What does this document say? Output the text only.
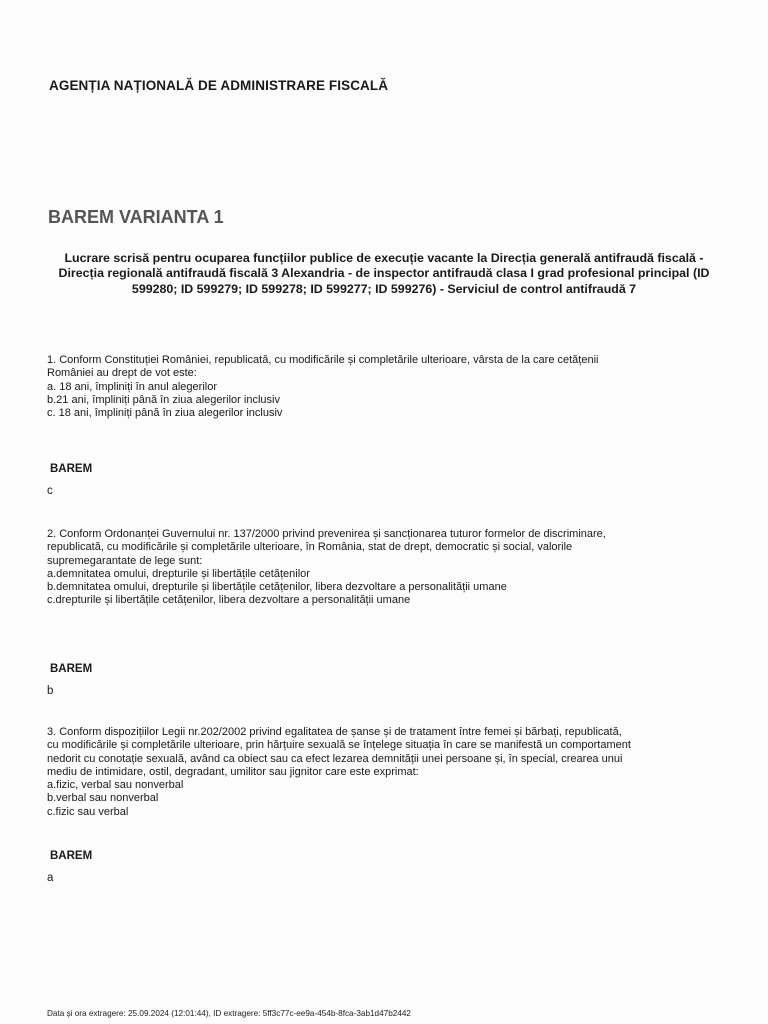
AGENȚIA NAȚIONALĂ DE ADMINISTRARE FISCALĂ
BAREM VARIANTA 1
Lucrare scrisă pentru ocuparea funcțiilor publice de execuție vacante la Direcția generală antifraudă fiscală - Direcția regională antifraudă fiscală 3 Alexandria - de inspector antifraudă clasa I grad profesional principal (ID 599280; ID 599279; ID 599278; ID 599277; ID 599276) - Serviciul de control antifraudă 7
1. Conform Constituției României, republicată, cu modificările și completările ulterioare, vârsta de la care cetățenii
României au drept de vot este:
a. 18 ani, împliniți în anul alegerilor
b.21 ani, împliniți până în ziua alegerilor inclusiv
c. 18 ani, împliniți până în ziua alegerilor inclusiv
BAREM
c
2. Conform Ordonanței Guvernului nr. 137/2000 privind prevenirea și sancționarea tuturor formelor de discriminare,
republicată, cu modificările și completările ulterioare, în România, stat de drept, democratic și social, valorile
supremegarantate de lege sunt:
a.demnitatea omului, drepturile și libertățile cetățenilor
b.demnitatea omului, drepturile și libertățile cetățenilor, libera dezvoltare a personalității umane
c.drepturile și libertățile cetățenilor, libera dezvoltare a personalității umane
BAREM
b
3. Conform dispozițiilor Legii nr.202/2002 privind egalitatea de șanse și de tratament între femei și bărbați, republicată,
cu modificările și completările ulterioare, prin hărțuire sexuală se înțelege situația în care se manifestă un comportament
nedorit cu conotație sexuală, având ca obiect sau ca efect lezarea demnității unei persoane și, în special, crearea unui
mediu de intimidare, ostil, degradant, umilitor sau jignitor care este exprimat:
a.fizic, verbal sau nonverbal
b.verbal sau nonverbal
c.fizic sau verbal
BAREM
a
Data și ora extragere: 25.09.2024 (12:01:44), ID extragere: 5ff3c77c-ee9a-454b-8fca-3ab1d47b2442
